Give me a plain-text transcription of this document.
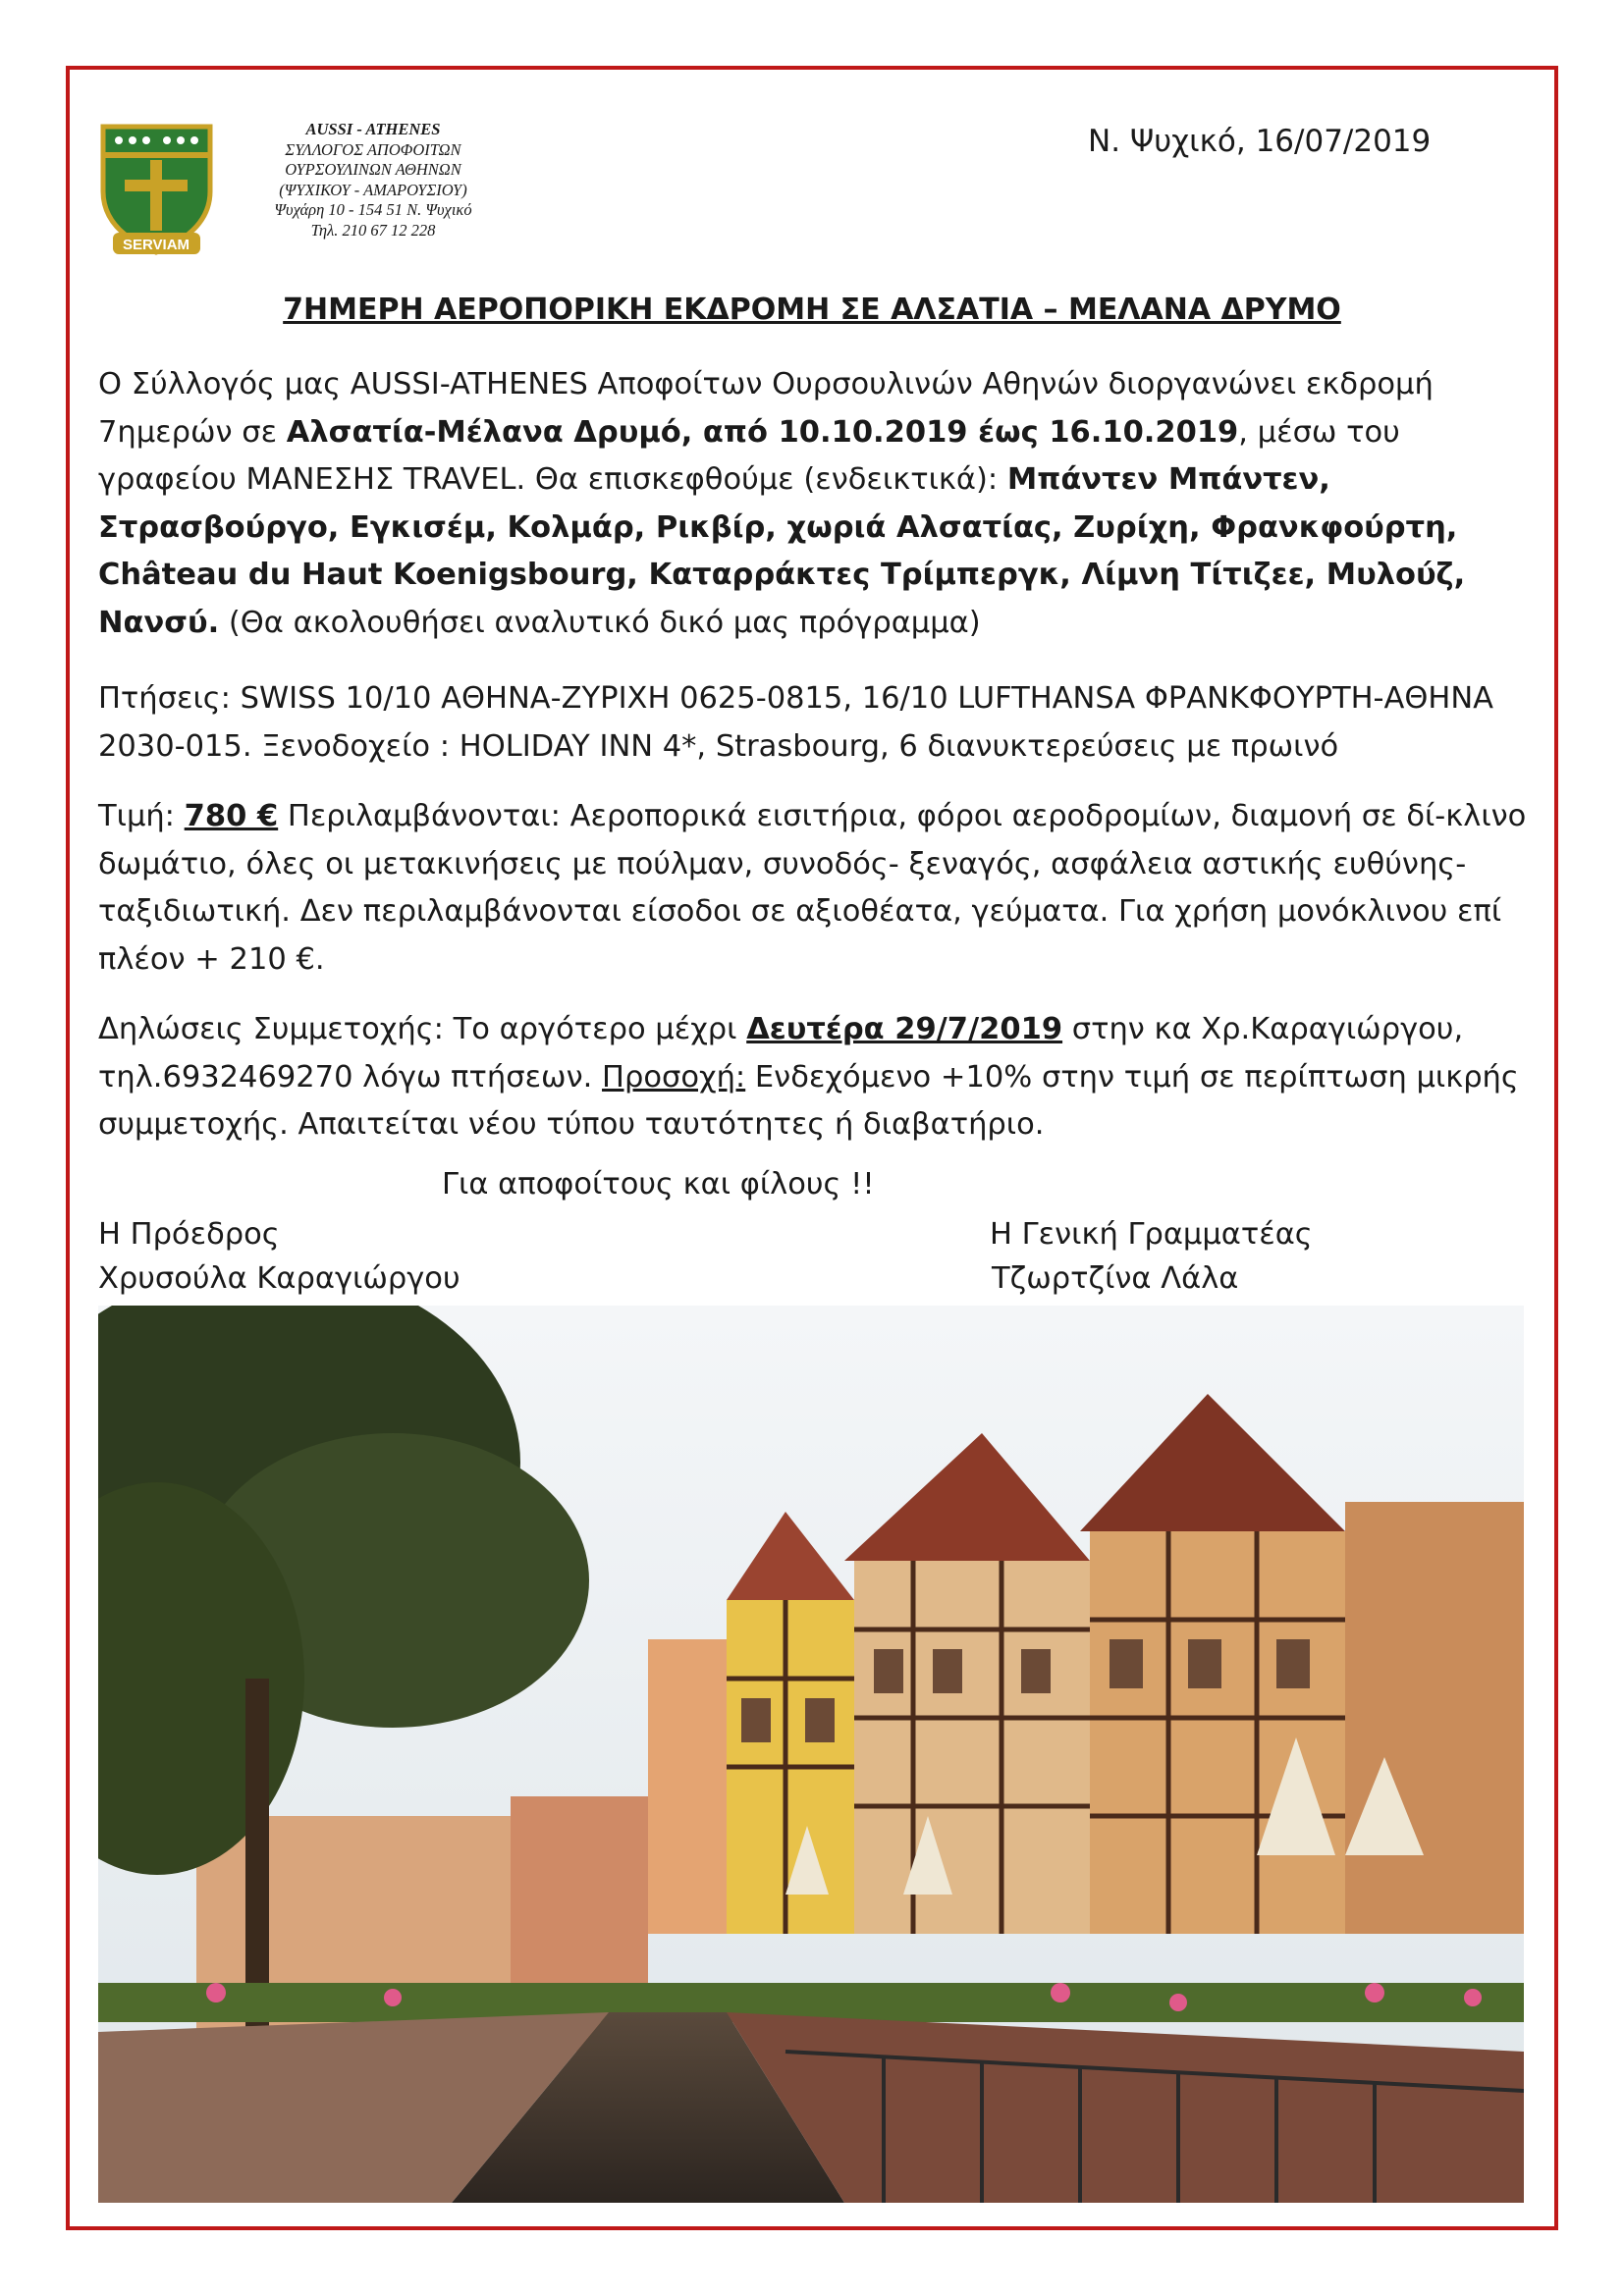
SERVIAM
AUSSI - ATHENES
ΣΥΛΛΟΓΟΣ ΑΠΟΦΟΙΤΩΝ
ΟΥΡΣΟΥΛΙΝΩΝ ΑΘΗΝΩΝ
(ΨΥΧΙΚΟΥ - ΑΜΑΡΟΥΣΙΟΥ)
Ψυχάρη 10 - 154 51 Ν. Ψυχικό
Τηλ. 210 67 12 228
Ν. Ψυχικό, 16/07/2019
7ΗΜΕΡΗ ΑΕΡΟΠΟΡΙΚΗ ΕΚΔΡΟΜΗ ΣΕ ΑΛΣΑΤΙΑ – ΜΕΛΑΝΑ ΔΡΥΜΟ
Ο Σύλλογός μας AUSSI-ATHENES Αποφοίτων Ουρσουλινών Αθηνών διοργανώνει εκδρομή 7ημερών σε Αλσατία-Μέλανα Δρυμό, από 10.10.2019 έως 16.10.2019, μέσω του γραφείου ΜΑΝΕΣΗΣ TRAVEL. Θα επισκεφθούμε (ενδεικτικά): Μπάντεν Μπάντεν, Στρασβούργο, Εγκισέμ, Κολμάρ, Ρικβίρ, χωριά Αλσατίας, Ζυρίχη, Φρανκφούρτη, Château du Haut Koenigsbourg, Καταρράκτες Τρίμπεργκ, Λίμνη Τίτιζεε, Μυλούζ, Νανσύ. (Θα ακολουθήσει αναλυτικό δικό μας πρόγραμμα)
Πτήσεις: SWISS 10/10 ΑΘΗΝΑ-ΖΥΡΙΧΗ 0625-0815, 16/10 LUFTHANSA ΦΡΑΝΚΦΟΥΡΤΗ-ΑΘΗΝΑ 2030-015. Ξενοδοχείο : HOLIDAY INN 4*, Strasbourg, 6 διανυκτερεύσεις με πρωινό
Τιμή: 780 € Περιλαμβάνονται: Αεροπορικά εισιτήρια, φόροι αεροδρομίων, διαμονή σε δί-κλινο δωμάτιο, όλες οι μετακινήσεις με πούλμαν, συνοδός- ξεναγός, ασφάλεια αστικής ευθύνης-ταξιδιωτική. Δεν περιλαμβάνονται είσοδοι σε αξιοθέατα, γεύματα. Για χρήση μονόκλινου επί πλέον + 210 €.
Δηλώσεις Συμμετοχής: Το αργότερο μέχρι Δευτέρα 29/7/2019 στην κα Χρ.Καραγιώργου, τηλ.6932469270 λόγω πτήσεων. Προσοχή: Ενδεχόμενο +10% στην τιμή σε περίπτωση μικρής συμμετοχής. Απαιτείται νέου τύπου ταυτότητες ή διαβατήριο.
Για αποφοίτους και φίλους !!
Η Πρόεδρος
Χρυσούλα Καραγιώργου
Η Γενική Γραμματέας
Τζωρτζίνα Λάλα
